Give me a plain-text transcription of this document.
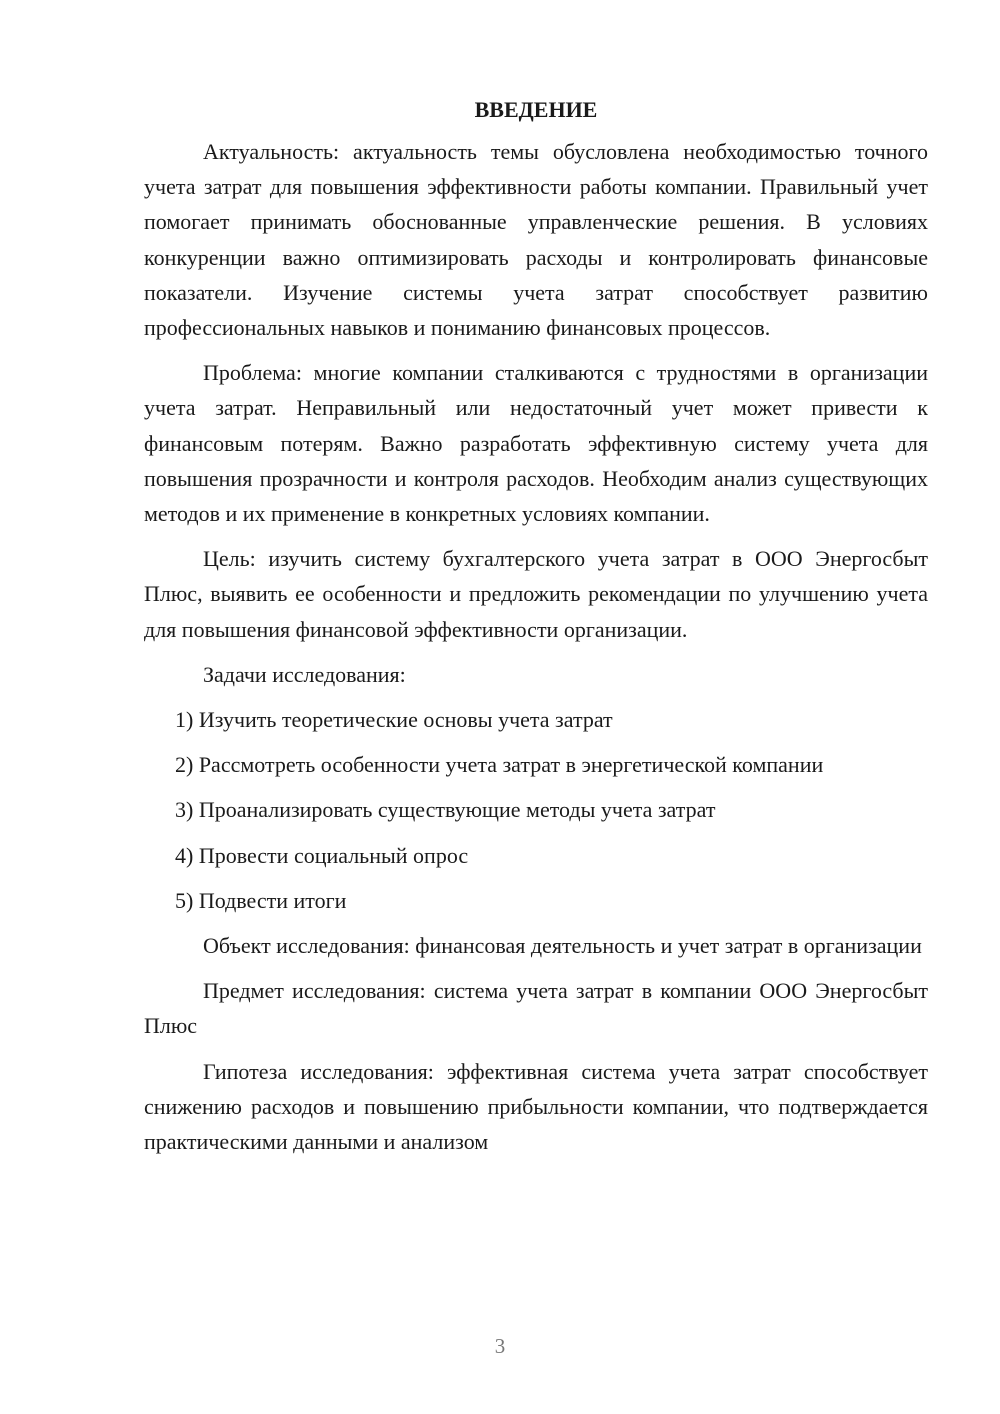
ВВЕДЕНИЕ

Актуальность: актуальность темы обусловлена необходимостью точного учета затрат для повышения эффективности работы компании. Правильный учет помогает принимать обоснованные управленческие решения. В условиях конкуренции важно оптимизировать расходы и контролировать финансовые показатели. Изучение системы учета затрат способствует развитию профессиональных навыков и пониманию финансовых процессов.

Проблема: многие компании сталкиваются с трудностями в организации учета затрат. Неправильный или недостаточный учет может привести к финансовым потерям. Важно разработать эффективную систему учета для повышения прозрачности и контроля расходов. Необходим анализ существующих методов и их применение в конкретных условиях компании.

Цель: изучить систему бухгалтерского учета затрат в ООО Энергосбыт Плюс, выявить ее особенности и предложить рекомендации по улучшению учета для повышения финансовой эффективности организации.

Задачи исследования:
1) Изучить теоретические основы учета затрат
2) Рассмотреть особенности учета затрат в энергетической компании
3) Проанализировать существующие методы учета затрат
4) Провести социальный опрос
5) Подвести итоги

Объект исследования: финансовая деятельность и учет затрат в организации

Предмет исследования: система учета затрат в компании ООО Энергосбыт Плюс

Гипотеза исследования: эффективная система учета затрат способствует снижению расходов и повышению прибыльности компании, что подтверждается практическими данными и анализом

3
